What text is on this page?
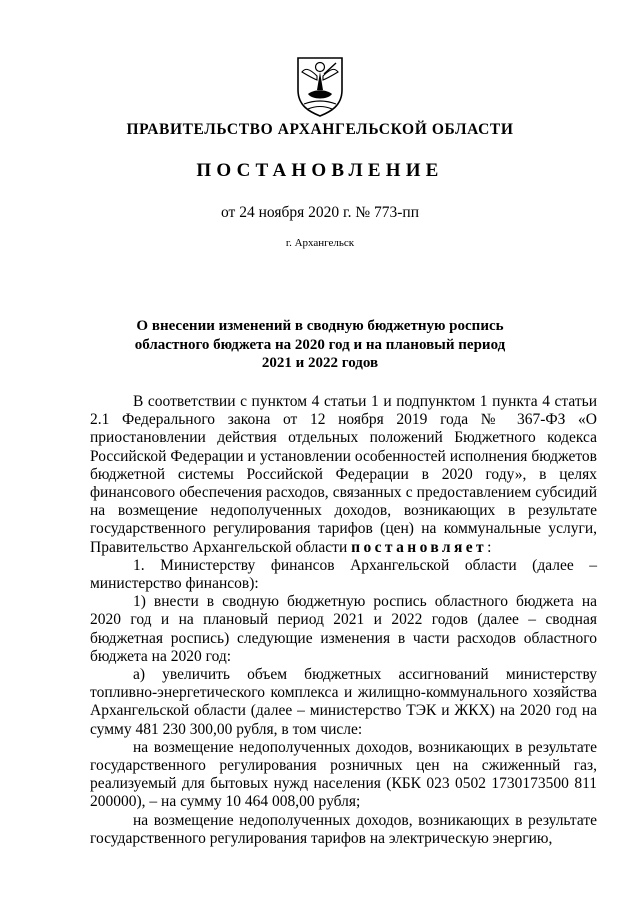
ПРАВИТЕЛЬСТВО АРХАНГЕЛЬСКОЙ ОБЛАСТИ
ПОСТАНОВЛЕНИЕ
от 24 ноября 2020 г. № 773-пп
г. Архангельск
О внесении изменений в сводную бюджетную роспись
областного бюджета на 2020 год и на плановый период
2021 и 2022 годов

В соответствии с пунктом 4 статьи 1 и подпунктом 1 пункта 4 статьи 2.1 Федерального закона от 12 ноября 2019 года № 367-ФЗ «О приостановлении действия отдельных положений Бюджетного кодекса Российской Федерации и установлении особенностей исполнения бюджетов бюджетной системы Российской Федерации в 2020 году», в целях финансового обеспечения расходов, связанных с предоставлением субсидий на возмещение недополученных доходов, возникающих в результате государственного регулирования тарифов (цен) на коммунальные услуги, Правительство Архангельской области постановляет:

1. Министерству финансов Архангельской области (далее – министерство финансов):

1) внести в сводную бюджетную роспись областного бюджета на 2020 год и на плановый период 2021 и 2022 годов (далее – сводная бюджетная роспись) следующие изменения в части расходов областного бюджета на 2020 год:

а) увеличить объем бюджетных ассигнований министерству топливно-энергетического комплекса и жилищно-коммунального хозяйства Архангельской области (далее – министерство ТЭК и ЖКХ) на 2020 год на сумму 481 230 300,00 рубля, в том числе:

на возмещение недополученных доходов, возникающих в результате государственного регулирования розничных цен на сжиженный газ, реализуемый для бытовых нужд населения (КБК 023 0502 1730173500 811 200000), – на сумму 10 464 008,00 рубля;

на возмещение недополученных доходов, возникающих в результате государственного регулирования тарифов на электрическую энергию,
